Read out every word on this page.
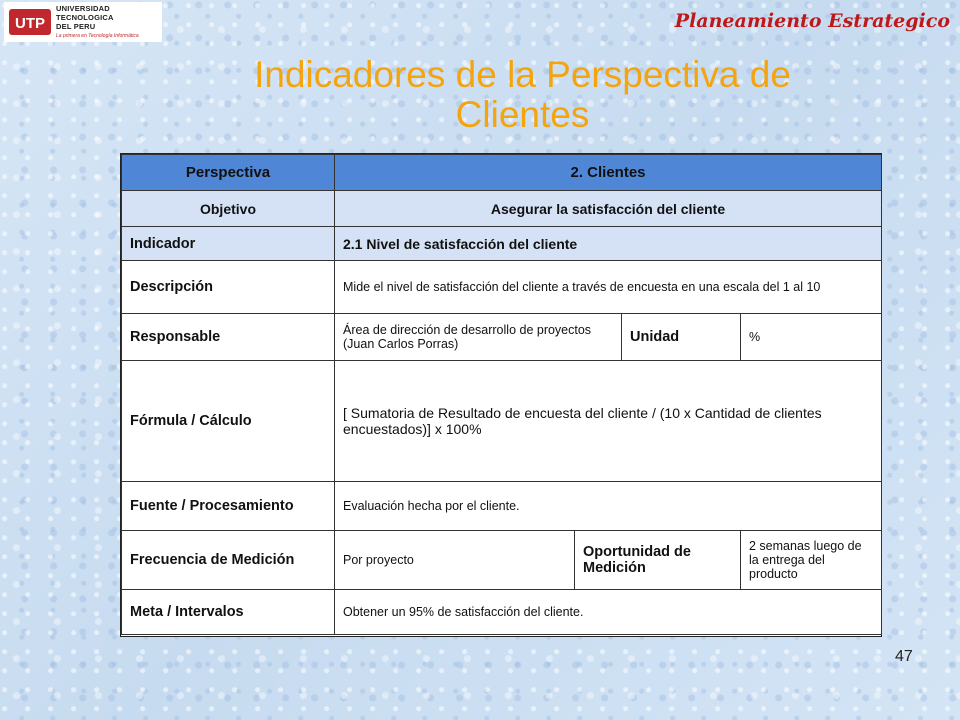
UTP
UNIVERSIDAD
TECNOLOGICA
DEL PERU
La primera en Tecnología Informática
Planeamiento Estrategico
Indicadores de la Perspectiva de
Clientes
Perspectiva	2. Clientes			
Objetivo	Asegurar la satisfacción del cliente			
Indicador	2.1 Nivel de satisfacción del cliente			
Descripción	Mide el nivel de satisfacción del cliente a través de encuesta en una escala del 1 al 10			
Responsable	Área de dirección de desarrollo de proyectos (Juan Carlos Porras)		Unidad	%
Fórmula / Cálculo	[ Sumatoria de Resultado de encuesta del cliente / (10 x Cantidad de clientes encuestados)] x 100%			
Fuente / Procesamiento	Evaluación hecha por el cliente.			
Frecuencia de Medición	Por proyecto	Oportunidad de Medición		2 semanas luego de la entrega del producto
Meta / Intervalos	Obtener un 95% de satisfacción del cliente.			
47
